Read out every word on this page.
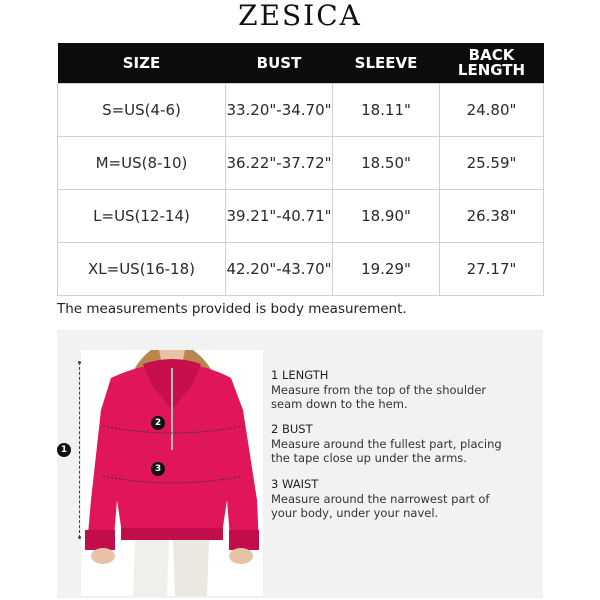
ZESICA
SIZE	BUST	SLEEVE	BACK
LENGTH
S=US(4-6)	33.20"-34.70"	18.11"	24.80"
M=US(8-10)	36.22"-37.72"	18.50"	25.59"
L=US(12-14)	39.21"-40.71"	18.90"	26.38"
XL=US(16-18)	42.20"-43.70"	19.29"	27.17"
The measurements provided is body measurement.
1
2
3
1 LENGTH
Measure from the top of the shoulder seam down to the hem.
2 BUST
Measure around the fullest part, placing the tape close up under the arms.
3 WAIST
Measure around the narrowest part of your body, under your navel.
